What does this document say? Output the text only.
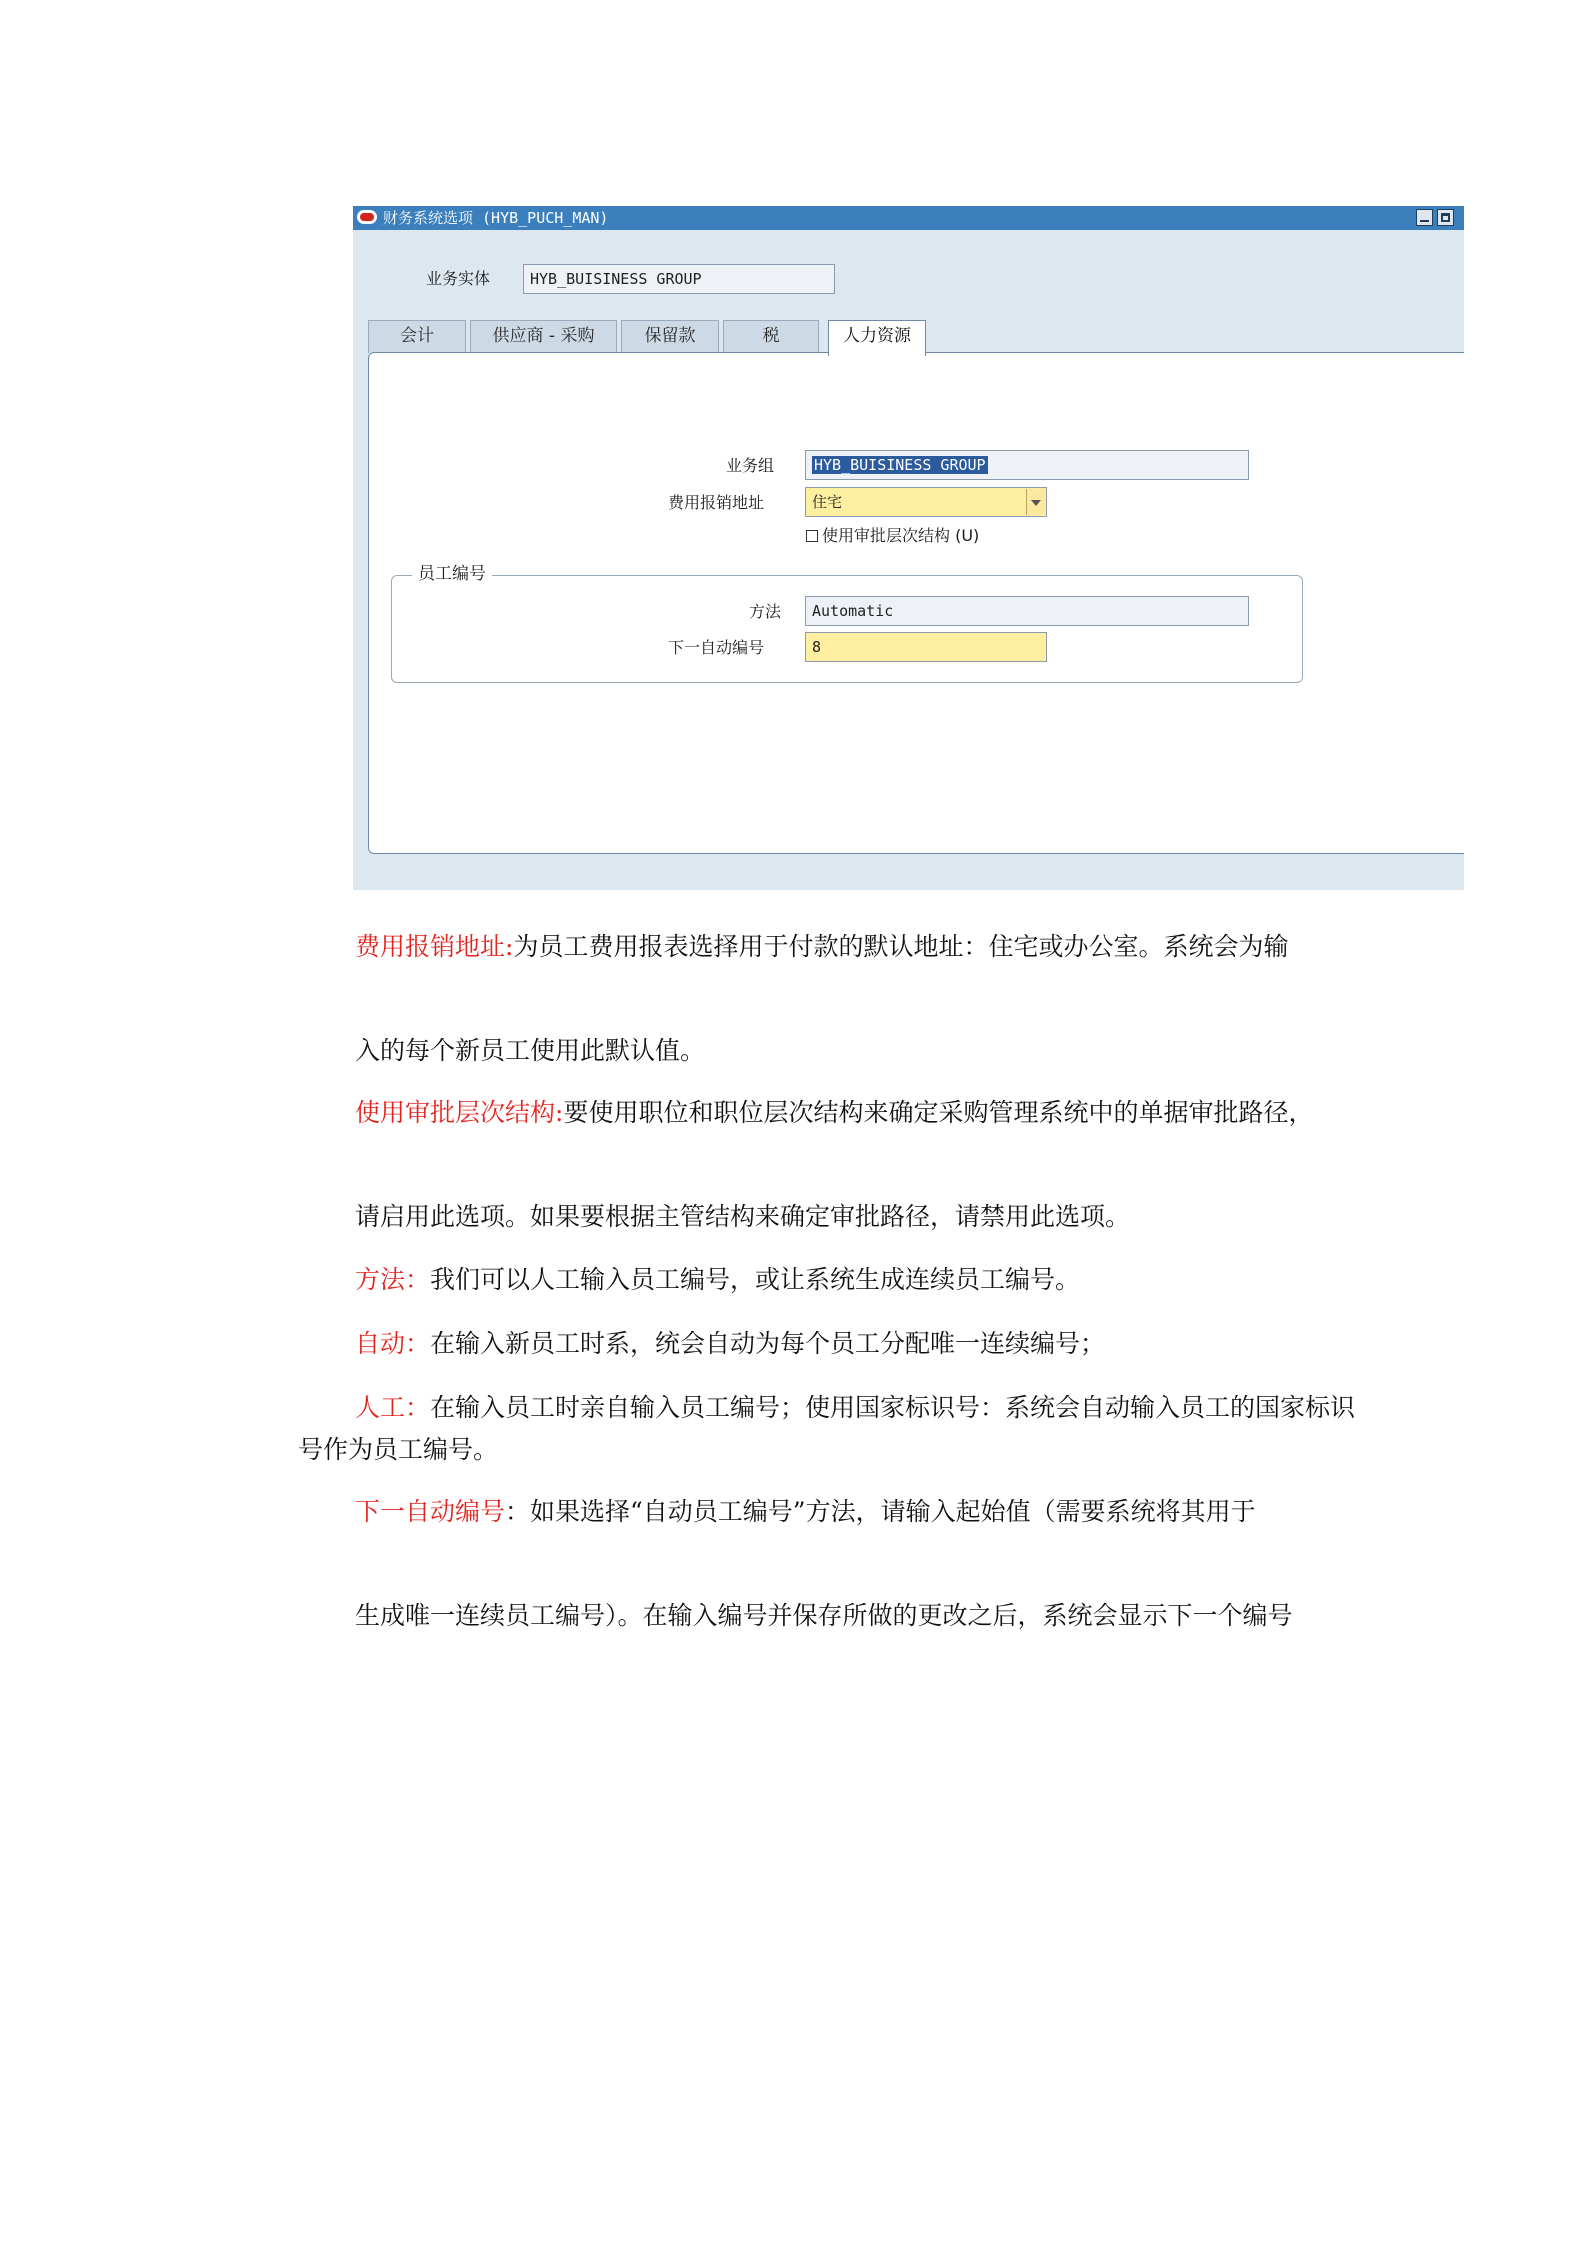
财务系统选项 (HYB_PUCH_MAN)
业务实体	HYB_BUISINESS GROUP
会计	供应商 - 采购	保留款	税	人力资源
业务组	HYB_BUISINESS GROUP
费用报销地址	住宅
使用审批层次结构 (U)
员工编号
方法	Automatic
下一自动编号	8
费用报销地址:为员工费用报表选择用于付款的默认地址：住宅或办公室。系统会为输
入的每个新员工使用此默认值。
使用审批层次结构:要使用职位和职位层次结构来确定采购管理系统中的单据审批路径，
请启用此选项。如果要根据主管结构来确定审批路径，请禁用此选项。
方法：我们可以人工输入员工编号，或让系统生成连续员工编号。
自动：在输入新员工时系，统会自动为每个员工分配唯一连续编号；
人工：在输入员工时亲自输入员工编号；使用国家标识号：系统会自动输入员工的国家标识号作为员工编号。
下一自动编号：如果选择“自动员工编号”方法，请输入起始值（需要系统将其用于
生成唯一连续员工编号）。在输入编号并保存所做的更改之后，系统会显示下一个编号
